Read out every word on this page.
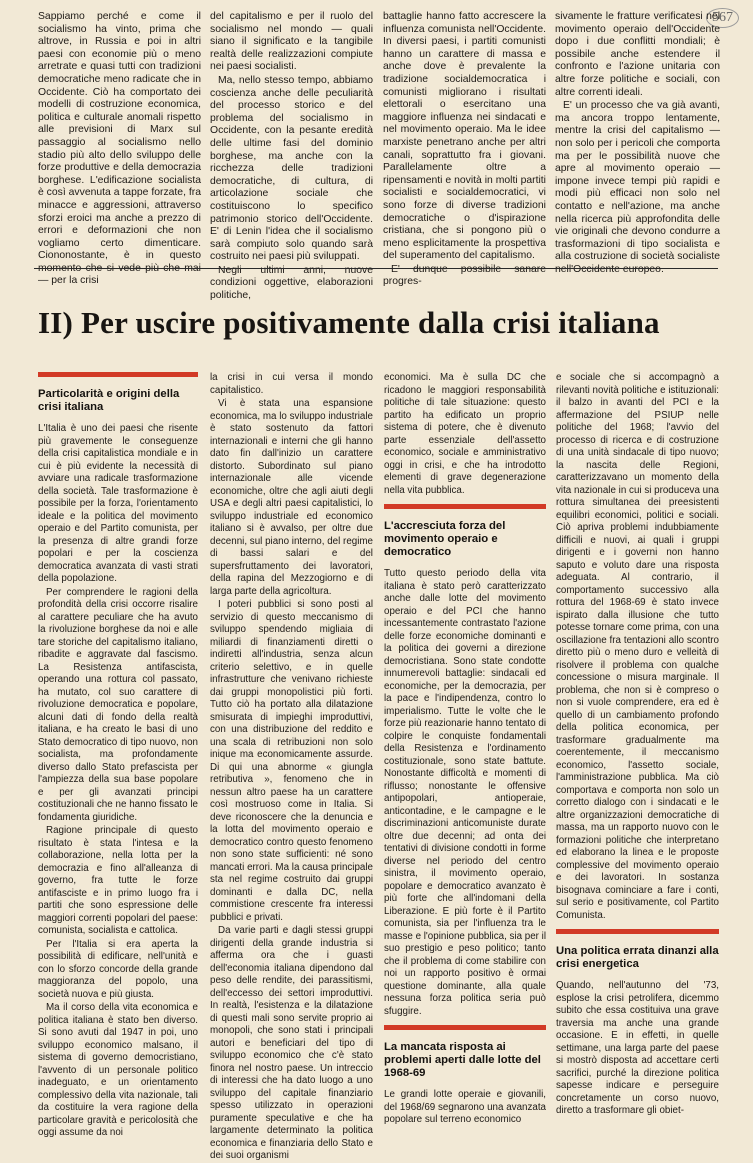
567

Sappiamo perché e come il socialismo ha vinto, prima che altrove, in Russia e poi in altri paesi con economie più o meno arretrate e quasi tutti con tradizioni democratiche meno radicate che in Occidente. Ciò ha comportato dei modelli di costruzione economica, politica e culturale anomali rispetto alle previsioni di Marx sul passaggio al socialismo nello stadio più alto dello sviluppo delle forze produttive e della democrazia borghese. L'edificazione socialista è così avvenuta a tappe forzate, fra minacce e aggressioni, attraverso sforzi eroici ma anche a prezzo di errori e deformazioni che non vogliamo certo dimenticare. Ciononostante, è in questo momento che si vede più che mai — per la crisi

del capitalismo e per il ruolo del socialismo nel mondo — quali siano il significato e la tangibile realtà delle realizzazioni compiute nei paesi socialisti.

Ma, nello stesso tempo, abbiamo coscienza anche delle peculiarità del processo storico e del problema del socialismo in Occidente, con la pesante eredità delle ultime fasi del dominio borghese, ma anche con la ricchezza delle tradizioni democratiche, di cultura, di articolazione sociale che costituiscono lo specifico patrimonio storico dell'Occidente. E' di Lenin l'idea che il socialismo sarà compiuto solo quando sarà costruito nei paesi più sviluppati.

Negli ultimi anni, nuove condizioni oggettive, elaborazioni politiche,

battaglie hanno fatto accrescere la influenza comunista nell'Occidente. In diversi paesi, i partiti comunisti hanno un carattere di massa e anche dove è prevalente la tradizione socialdemocratica i comunisti migliorano i risultati elettorali o esercitano una maggiore influenza nei sindacati e nel movimento operaio. Ma le idee marxiste penetrano anche per altri canali, soprattutto fra i giovani. Parallelamente oltre a ripensamenti e novità in molti partiti socialisti e socialdemocratici, vi sono forze di diverse tradizioni democratiche o d'ispirazione cristiana, che si pongono più o meno esplicitamente la prospettiva del superamento del capitalismo.

E' dunque possibile sanare progres-

sivamente le fratture verificatesi nel movimento operaio dell'Occidente dopo i due conflitti mondiali; è possibile anche estendere il confronto e l'azione unitaria con altre forze politiche e sociali, con altre correnti ideali.

E' un processo che va già avanti, ma ancora troppo lentamente, mentre la crisi del capitalismo — non solo per i pericoli che comporta ma per le possibilità nuove che apre al movimento operaio — impone invece tempi più rapidi e modi più efficaci non solo nel contatto e nell'azione, ma anche nella ricerca più approfondita delle vie originali che devono condurre a trasformazioni di tipo socialista e alla costruzione di società socialiste nell'Occidente europeo.

II) Per uscire positivamente dalla crisi italiana
Particolarità e origini della crisi italiana

L'Italia è uno dei paesi che risente più gravemente le conseguenze della crisi capitalistica mondiale e in cui è più evidente la necessità di avviare una radicale trasformazione della società. Tale trasformazione è possibile per la forza, l'orientamento ideale e la politica del movimento operaio e del Partito comunista, per la presenza di altre grandi forze popolari e per la coscienza democratica avanzata di vasti strati della popolazione.

Per comprendere le ragioni della profondità della crisi occorre risalire al carattere peculiare che ha avuto la rivoluzione borghese da noi e alle tare storiche del capitalismo italiano, ribadite e aggravate dal fascismo. La Resistenza antifascista, operando una rottura col passato, ha mutato, col suo carattere di rivoluzione democratica e popolare, alcuni dati di fondo della realtà italiana, e ha creato le basi di uno Stato democratico di tipo nuovo, non socialista, ma profondamente diverso dallo Stato prefascista per l'ampiezza della sua base popolare e per gli avanzati principi costituzionali che ne hanno fissato le fondamenta giuridiche.

Ragione principale di questo risultato è stata l'intesa e la collaborazione, nella lotta per la democrazia e fino all'alleanza di governo, fra tutte le forze antifasciste e in primo luogo fra i partiti che sono espressione delle maggiori correnti popolari del paese: comunista, socialista e cattolica.

Per l'Italia si era aperta la possibilità di edificare, nell'unità e con lo sforzo concorde della grande maggioranza del popolo, una società nuova e più giusta.

Ma il corso della vita economica e politica italiana è stato ben diverso. Si sono avuti dal 1947 in poi, uno sviluppo economico malsano, il sistema di governo democristiano, l'avvento di un personale politico inadeguato, e un orientamento complessivo della vita nazionale, tali da costituire la vera ragione della particolare gravità e pericolosità che oggi assume da noi

la crisi in cui versa il mondo capitalistico.

Vi è stata una espansione economica, ma lo sviluppo industriale è stato sostenuto da fattori internazionali e interni che gli hanno dato fin dall'inizio un carattere distorto. Subordinato sul piano internazionale alle vicende economiche, oltre che agli aiuti degli USA e degli altri paesi capitalistici, lo sviluppo industriale ed economico italiano si è avvalso, per oltre due decenni, sul piano interno, del regime di bassi salari e del supersfruttamento dei lavoratori, della rapina del Mezzogiorno e di larga parte della agricoltura.

I poteri pubblici si sono posti al servizio di questo meccanismo di sviluppo spendendo migliaia di miliardi di finanziamenti diretti o indiretti all'industria, senza alcun criterio selettivo, e in quelle infrastrutture che venivano richieste dai gruppi monopolistici più forti. Tutto ciò ha portato alla dilatazione smisurata di impieghi improduttivi, con una distribuzione del reddito e una scala di retribuzioni non solo inique ma economicamente assurde. Di qui una abnorme « giungla retributiva », fenomeno che in nessun altro paese ha un carattere così mostruoso come in Italia. Si deve riconoscere che la denuncia e la lotta del movimento operaio e democratico contro questo fenomeno non sono state sufficienti: né sono mancati errori. Ma la causa principale sta nel regime costruito dai gruppi dominanti e dalla DC, nella commistione crescente fra interessi pubblici e privati.

Da varie parti e dagli stessi gruppi dirigenti della grande industria si afferma ora che i guasti dell'economia italiana dipendono dal peso delle rendite, dei parassitismi, dell'eccesso dei settori improduttivi. In realtà, l'esistenza e la dilatazione di questi mali sono servite proprio ai monopoli, che sono stati i principali autori e beneficiari del tipo di sviluppo economico che c'è stato finora nel nostro paese. Un intreccio di interessi che ha dato luogo a uno sviluppo del capitale finanziario spesso utilizzato in operazioni puramente speculative e che ha largamente determinato la politica economica e finanziaria dello Stato e dei suoi organismi

economici. Ma è sulla DC che ricadono le maggiori responsabilità politiche di tale situazione: questo partito ha edificato un proprio sistema di potere, che è divenuto parte essenziale dell'assetto economico, sociale e amministrativo oggi in crisi, e che ha introdotto elementi di grave degenerazione nella vita pubblica.

L'accresciuta forza del movimento operaio e democratico

Tutto questo periodo della vita italiana è stato però caratterizzato anche dalle lotte del movimento operaio e del PCI che hanno incessantemente contrastato l'azione delle forze economiche dominanti e la politica dei governi a direzione democristiana. Sono state condotte innumerevoli battaglie: sindacali ed economiche, per la democrazia, per la pace e l'indipendenza, contro lo imperialismo. Tutte le volte che le forze più reazionarie hanno tentato di colpire le conquiste fondamentali della Resistenza e l'ordinamento costituzionale, sono state battute. Nonostante difficoltà e momenti di riflusso; nonostante le offensive antipopolari, antioperaie, anticontadine, e le campagne e le discriminazioni anticomuniste durate oltre due decenni; ad onta dei tentativi di divisione condotti in forme diverse nel periodo del centro sinistra, il movimento operaio, popolare e democratico avanzato è più forte che all'indomani della Liberazione. E più forte è il Partito comunista, sia per l'influenza tra le masse e l'opinione pubblica, sia per il suo prestigio e peso politico; tanto che il problema di come stabilire con noi un rapporto positivo è ormai questione dominante, alla quale nessuna forza politica seria può sfuggire.

La mancata risposta ai problemi aperti dalle lotte del 1968-69

Le grandi lotte operaie e giovanili, del 1968/69 segnarono una avanzata popolare sul terreno economico

e sociale che si accompagnò a rilevanti novità politiche e istituzionali: il balzo in avanti del PCI e la affermazione del PSIUP nelle politiche del 1968; l'avvio del processo di ricerca e di costruzione di una unità sindacale di tipo nuovo; la nascita delle Regioni, caratterizzavano un momento della vita nazionale in cui si produceva una rottura simultanea dei preesistenti equilibri economici, politici e sociali. Ciò apriva problemi indubbiamente difficili e nuovi, ai quali i gruppi dirigenti e i governi non hanno saputo e voluto dare una risposta adeguata. Al contrario, il comportamento successivo alla rottura del 1968-69 è stato invece ispirato dalla illusione che tutto potesse tornare come prima, con una oscillazione fra tentazioni allo scontro diretto più o meno duro e velleità di risolvere il problema con qualche concessione o misura marginale. Il problema, che non si è compreso o non si vuole comprendere, era ed è quello di un cambiamento profondo della politica economica, per trasformare gradualmente ma coerentemente, il meccanismo economico, l'assetto sociale, l'amministrazione pubblica. Ma ciò comportava e comporta non solo un corretto dialogo con i sindacati e le altre organizzazioni democratiche di massa, ma un rapporto nuovo con le formazioni politiche che interpretano ed elaborano la linea e le proposte complessive del movimento operaio e dei lavoratori. In sostanza bisognava cominciare a fare i conti, sul serio e positivamente, col Partito Comunista.

Una politica errata dinanzi alla crisi energetica

Quando, nell'autunno del '73, esplose la crisi petrolifera, dicemmo subito che essa costituiva una grave traversia ma anche una grande occasione. E in effetti, in quelle settimane, una larga parte del paese si mostrò disposta ad accettare certi sacrifici, purché la direzione politica sapesse indicare e perseguire concretamente un corso nuovo, diretto a trasformare gli obiet-
